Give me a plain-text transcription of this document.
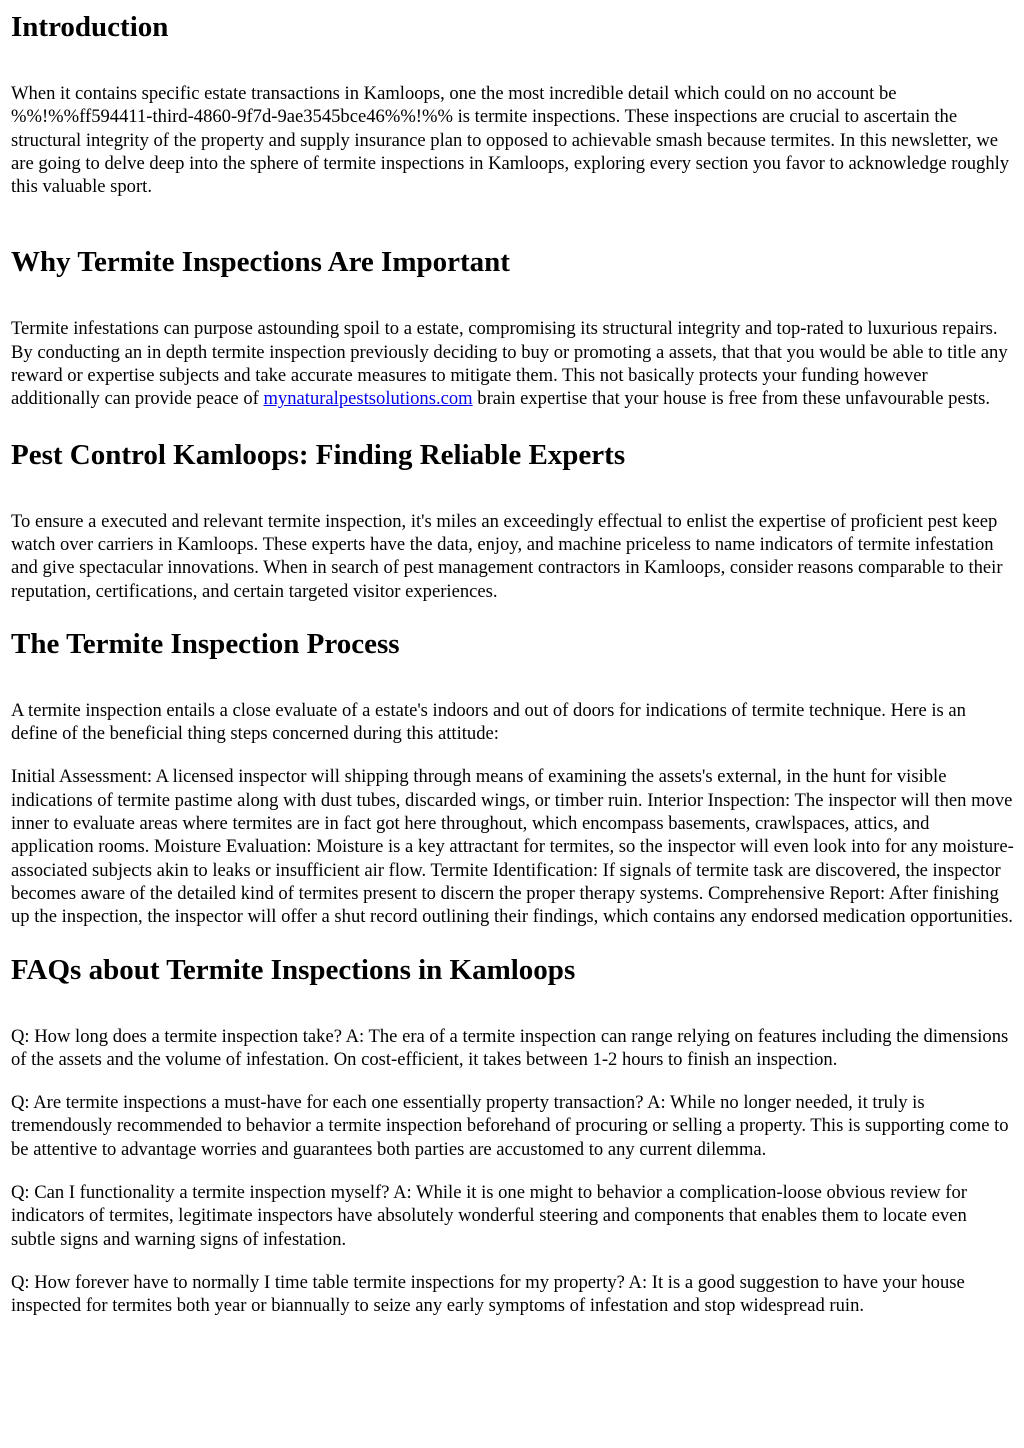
Introduction

When it contains specific estate transactions in Kamloops, one the most incredible detail which could on no account be %%!%%ff594411-third-4860-9f7d-9ae3545bce46%%!%% is termite inspections. These inspections are crucial to ascertain the structural integrity of the property and supply insurance plan to opposed to achievable smash because termites. In this newsletter, we are going to delve deep into the sphere of termite inspections in Kamloops, exploring every section you favor to acknowledge roughly this valuable sport.

Why Termite Inspections Are Important

Termite infestations can purpose astounding spoil to a estate, compromising its structural integrity and top-rated to luxurious repairs. By conducting an in depth termite inspection previously deciding to buy or promoting a assets, that that you would be able to title any reward or expertise subjects and take accurate measures to mitigate them. This not basically protects your funding however additionally can provide peace of mynaturalpestsolutions.com brain expertise that your house is free from these unfavourable pests.

Pest Control Kamloops: Finding Reliable Experts

To ensure a executed and relevant termite inspection, it's miles an exceedingly effectual to enlist the expertise of proficient pest keep watch over carriers in Kamloops. These experts have the data, enjoy, and machine priceless to name indicators of termite infestation and give spectacular innovations. When in search of pest management contractors in Kamloops, consider reasons comparable to their reputation, certifications, and certain targeted visitor experiences.

The Termite Inspection Process

A termite inspection entails a close evaluate of a estate's indoors and out of doors for indications of termite technique. Here is an define of the beneficial thing steps concerned during this attitude:

Initial Assessment: A licensed inspector will shipping through means of examining the assets's external, in the hunt for visible indications of termite pastime along with dust tubes, discarded wings, or timber ruin. Interior Inspection: The inspector will then move inner to evaluate areas where termites are in fact got here throughout, which encompass basements, crawlspaces, attics, and application rooms. Moisture Evaluation: Moisture is a key attractant for termites, so the inspector will even look into for any moisture-associated subjects akin to leaks or insufficient air flow. Termite Identification: If signals of termite task are discovered, the inspector becomes aware of the detailed kind of termites present to discern the proper therapy systems. Comprehensive Report: After finishing up the inspection, the inspector will offer a shut record outlining their findings, which contains any endorsed medication opportunities.

FAQs about Termite Inspections in Kamloops

Q: How long does a termite inspection take? A: The era of a termite inspection can range relying on features including the dimensions of the assets and the volume of infestation. On cost-efficient, it takes between 1-2 hours to finish an inspection.

Q: Are termite inspections a must-have for each one essentially property transaction? A: While no longer needed, it truly is tremendously recommended to behavior a termite inspection beforehand of procuring or selling a property. This is supporting come to be attentive to advantage worries and guarantees both parties are accustomed to any current dilemma.

Q: Can I functionality a termite inspection myself? A: While it is one might to behavior a complication-loose obvious review for indicators of termites, legitimate inspectors have absolutely wonderful steering and components that enables them to locate even subtle signs and warning signs of infestation.

Q: How forever have to normally I time table termite inspections for my property? A: It is a good suggestion to have your house inspected for termites both year or biannually to seize any early symptoms of infestation and stop widespread ruin.
